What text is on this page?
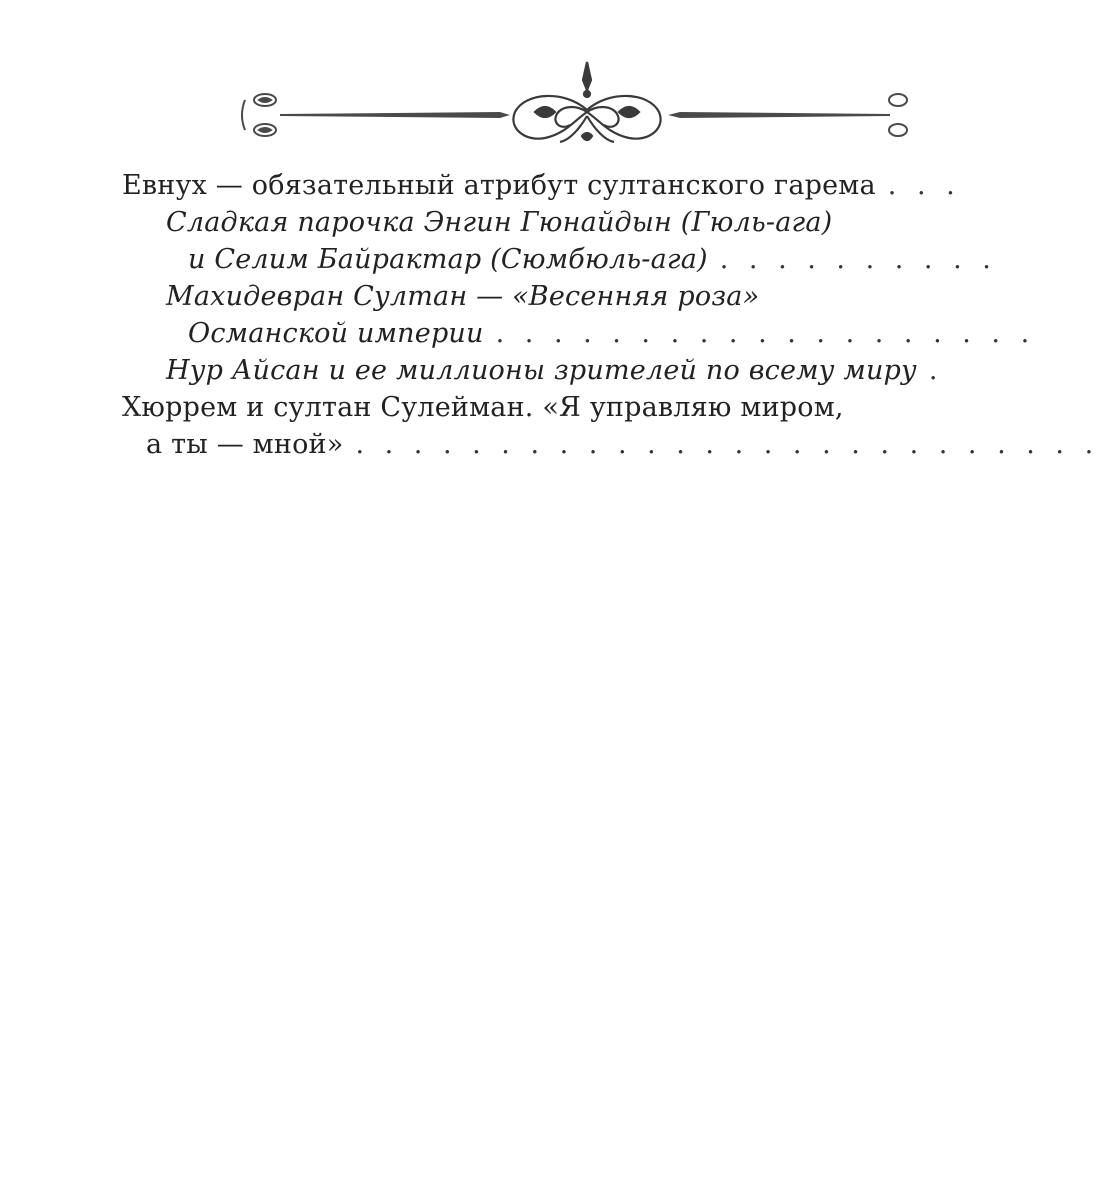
Евнух — обязательный атрибут султанского гарема . . .
Сладкая парочка Энгин Гюнайдын (Гюль-ага)
и Селим Байрактар (Сюмбюль-ага) . . . . . . . . . .
Махидевран Султан — «Весенняя роза»
Османской империи . . . . . . . . . . . . . . . . . . .
Нур Айсан и ее миллионы зрителей по всему миру .
Хюррем и султан Сулейман. «Я управляю миром,
а ты — мной» . . . . . . . . . . . . . . . . . . . . . . . . . .
